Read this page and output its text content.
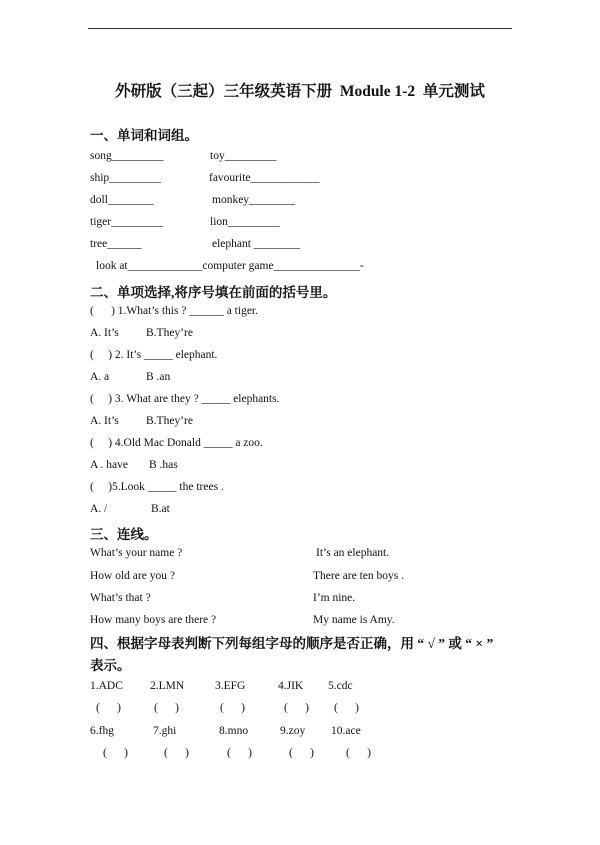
外研版（三起）三年级英语下册  Module 1-2  单元测试
一、单词和词组。
song_________	toy_________
ship_________	favourite____________
doll________	monkey________
tiger_________	lion_________
tree______	elephant ________
look at_____________computer game_______________-
二、单项选择,将序号填在前面的括号里。
(      ) 1.What’s this ? ______ a tiger.
A. It’s B.They’re
(     ) 2. It’s _____ elephant.
A. a	B .an
(     ) 3. What are they ? _____ elephants.
A. It’s B.They’re
(     ) 4.Old Mac Donald _____ a zoo.
A . have B .has
(     )5.Look _____ the trees .
A. /	B.at
三、连线。
What’s your name ?	It’s an elephant.
How old are you ?	There are ten boys .
What’s that ?	I’m nine.
How many boys are there ?	My name is Amy.
四、根据字母表判断下列每组字母的顺序是否正确，用 “ √ ” 或 “ × ”
表示。
1.ADC 2.LMN	3.EFG	4.JIK 5.cdc
(      )	(      )	(      )	(      ) (      )
6.fhg	7.ghi	8.mno	9.zoy 10.ace
(      )	(      )	(      )	(      )	(      )
